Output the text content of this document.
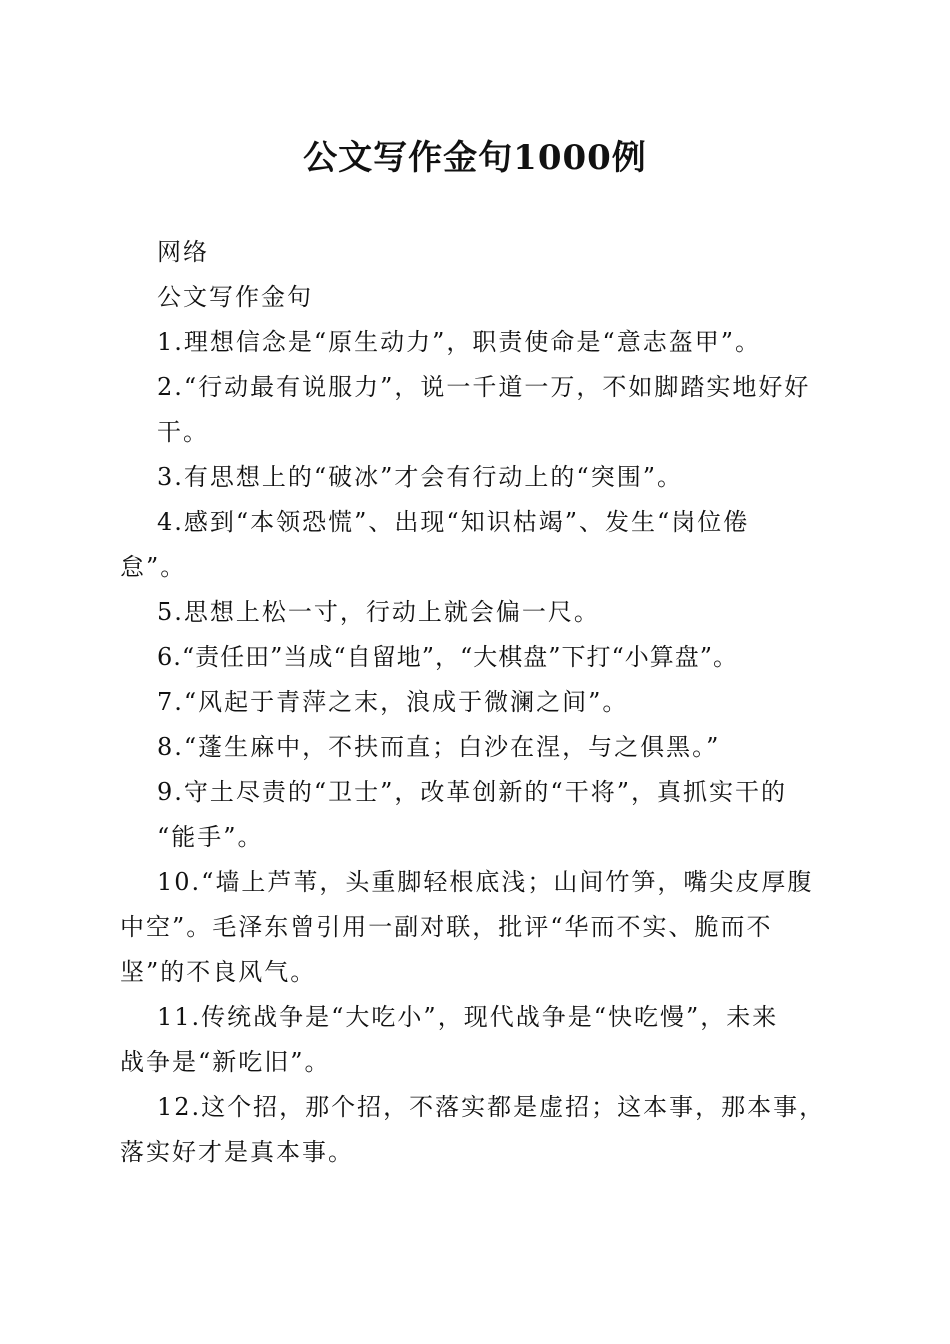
公文写作金句1000例
网络
公文写作金句
1.理想信念是“原生动力”，职责使命是“意志盔甲”。
2.“行动最有说服力”，说一千道一万，不如脚踏实地好好
干。
3.有思想上的“破冰”才会有行动上的“突围”。
4.感到“本领恐慌”、出现“知识枯竭”、发生“岗位倦
怠”。
5.思想上松一寸，行动上就会偏一尺。
6.“责任田”当成“自留地”，“大棋盘”下打“小算盘”。
7.“风起于青萍之末，浪成于微澜之间”。
8.“蓬生麻中，不扶而直；白沙在涅，与之俱黑。”
9.守土尽责的“卫士”，改革创新的“干将”，真抓实干的
“能手”。
10.“墙上芦苇，头重脚轻根底浅；山间竹笋，嘴尖皮厚腹
中空”。毛泽东曾引用一副对联，批评“华而不实、脆而不
坚”的不良风气。
11.传统战争是“大吃小”，现代战争是“快吃慢”，未来
战争是“新吃旧”。
12.这个招，那个招，不落实都是虚招；这本事，那本事，
落实好才是真本事。
